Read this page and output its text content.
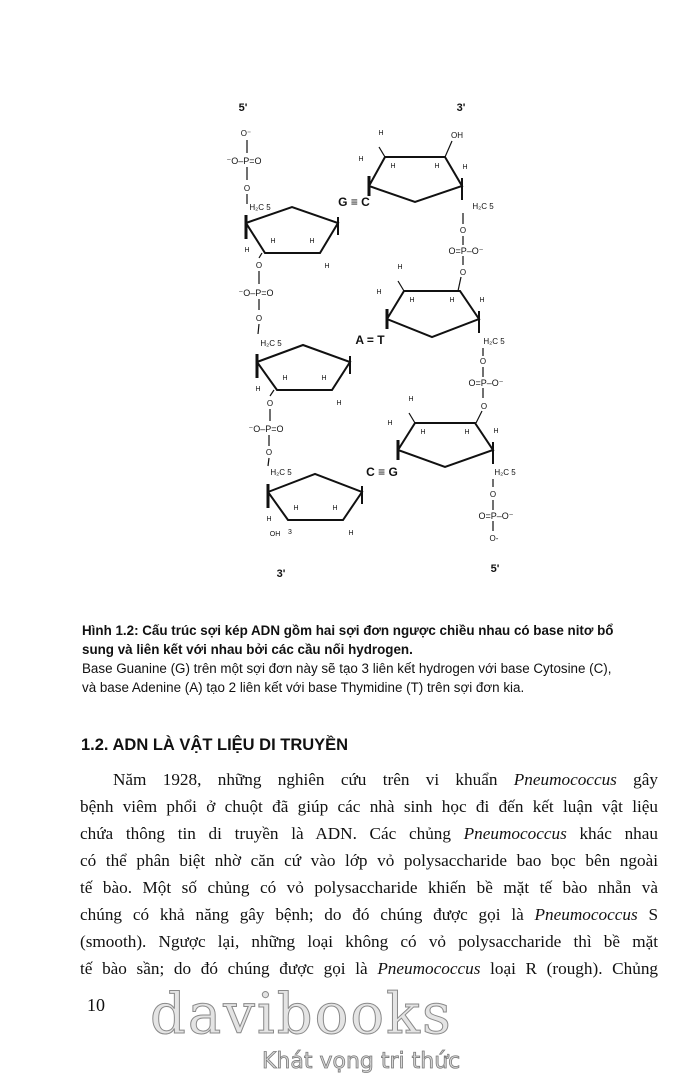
5'	3'
3'	5'
O⁻
⁻O–P=O
O
H₂C 5
H
H	H
H
O
⁻O–P=O
O
H₂C 5
H
H	H
H
O
⁻O–P=O
O
H₂C 5
H
H	H
H
OH 3
G ≡ C
A = T
C ≡ G
H
H
H	H	H
OH
H₂C 5
O
O=P–O⁻
O
H
H
H	H	H
H₂C 5
O
O=P–O⁻
O
H
H
H	H	H
H₂C 5
O
O=P–O⁻
O-
Hình 1.2: Cấu trúc sợi kép ADN gồm hai sợi đơn ngược chiều nhau có base nitơ bổ
sung và liên kết với nhau bởi các cầu nối hydrogen.
Base Guanine (G) trên một sợi đơn này sẽ tạo 3 liên kết hydrogen với base Cytosine (C),
và base Adenine (A) tạo 2 liên kết với base Thymidine (T) trên sợi đơn kia.
1.2. ADN LÀ VẬT LIỆU DI TRUYỀN
Năm 1928, những nghiên cứu trên vi khuẩn Pneumococcus gây
bệnh viêm phổi ở chuột đã giúp các nhà sinh học đi đến kết luận vật liệu
chứa thông tin di truyền là ADN. Các chủng Pneumococcus khác nhau
có thể phân biệt nhờ căn cứ vào lớp vỏ polysaccharide bao bọc bên ngoài
tế bào. Một số chủng có vỏ polysaccharide khiến bề mặt tế bào nhẵn và
chúng có khả năng gây bệnh; do đó chúng được gọi là Pneumococcus S
(smooth). Ngược lại, những loại không có vỏ polysaccharide thì bề mặt
tế bào sần; do đó chúng được gọi là Pneumococcus loại R (rough). Chủng
10 davibooks
Khát vọng tri thức
